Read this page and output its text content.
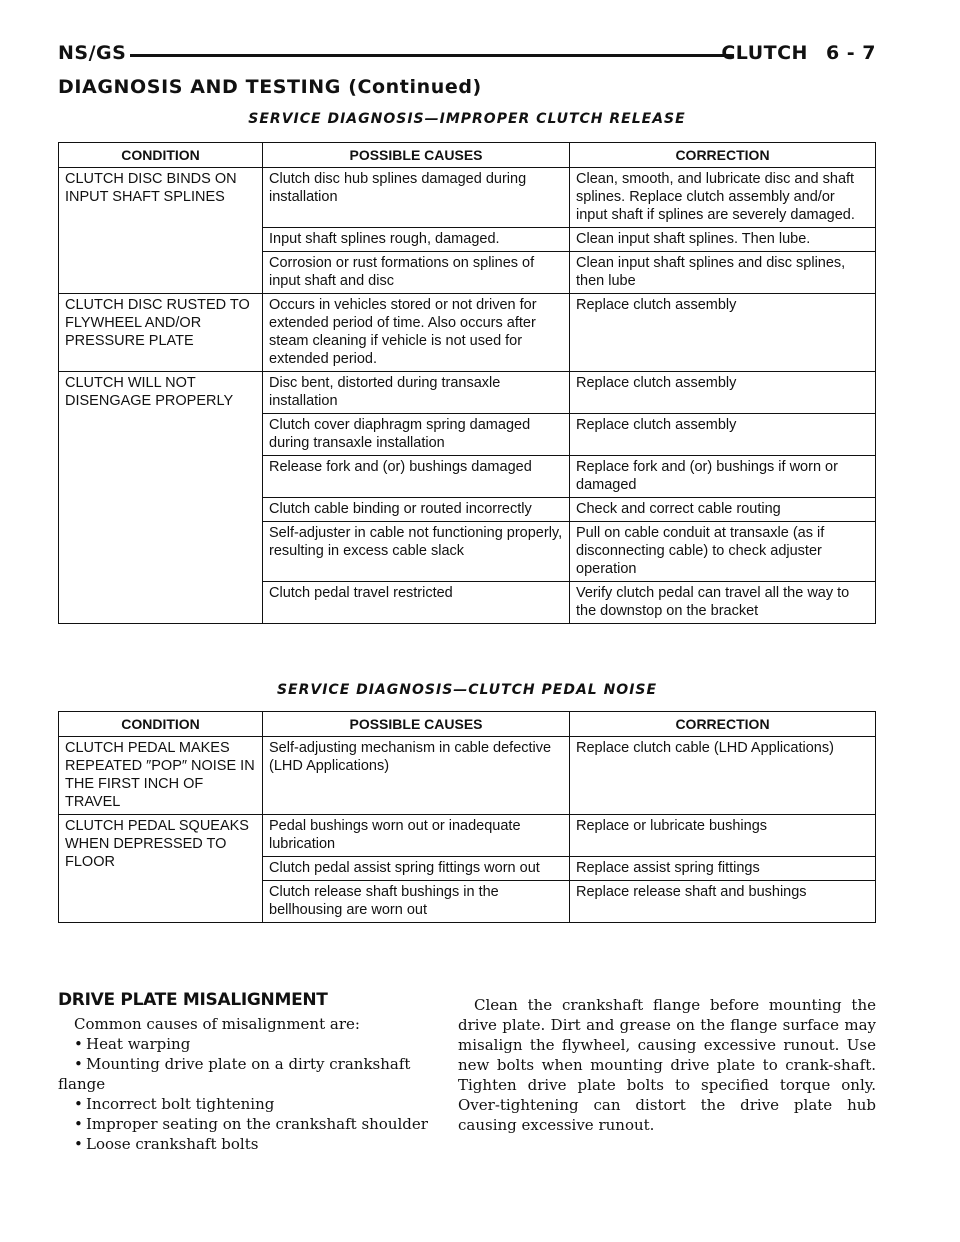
NS/GS	CLUTCH 6 - 7
DIAGNOSIS AND TESTING (Continued)
SERVICE DIAGNOSIS—IMPROPER CLUTCH RELEASE
CONDITION	POSSIBLE CAUSES	CORRECTION
CLUTCH DISC BINDS ON INPUT SHAFT SPLINES	Clutch disc hub splines damaged during installation	Clean, smooth, and lubricate disc and shaft splines. Replace clutch assembly and/or input shaft if splines are severely damaged.
	Input shaft splines rough, damaged.	Clean input shaft splines. Then lube.
	Corrosion or rust formations on splines of input shaft and disc	Clean input shaft splines and disc splines, then lube
CLUTCH DISC RUSTED TO FLYWHEEL AND/OR PRESSURE PLATE	Occurs in vehicles stored or not driven for extended period of time. Also occurs after steam cleaning if vehicle is not used for extended period.	Replace clutch assembly
CLUTCH WILL NOT DISENGAGE PROPERLY	Disc bent, distorted during transaxle installation	Replace clutch assembly
	Clutch cover diaphragm spring damaged during transaxle installation	Replace clutch assembly
	Release fork and (or) bushings damaged	Replace fork and (or) bushings if worn or damaged
	Clutch cable binding or routed incorrectly	Check and correct cable routing
	Self-adjuster in cable not functioning properly, resulting in excess cable slack	Pull on cable conduit at transaxle (as if disconnecting cable) to check adjuster operation
	Clutch pedal travel restricted	Verify clutch pedal can travel all the way to the downstop on the bracket
SERVICE DIAGNOSIS—CLUTCH PEDAL NOISE
CONDITION	POSSIBLE CAUSES	CORRECTION
CLUTCH PEDAL MAKES REPEATED ″POP″ NOISE IN THE FIRST INCH OF TRAVEL	Self-adjusting mechanism in cable defective (LHD Applications)	Replace clutch cable (LHD Applications)
CLUTCH PEDAL SQUEAKS WHEN DEPRESSED TO FLOOR	Pedal bushings worn out or inadequate lubrication	Replace or lubricate bushings
	Clutch pedal assist spring fittings worn out	Replace assist spring fittings
	Clutch release shaft bushings in the bellhousing are worn out	Replace release shaft and bushings
DRIVE PLATE MISALIGNMENT
Common causes of misalignment are:
• Heat warping
• Mounting drive plate on a dirty crankshaft
flange
• Incorrect bolt tightening
• Improper seating on the crankshaft shoulder
• Loose crankshaft bolts

Clean the crankshaft flange before mounting the drive plate. Dirt and grease on the flange surface may misalign the flywheel, causing excessive runout. Use new bolts when mounting drive plate to crank-shaft. Tighten drive plate bolts to specified torque only. Over-tightening can distort the drive plate hub causing excessive runout.
